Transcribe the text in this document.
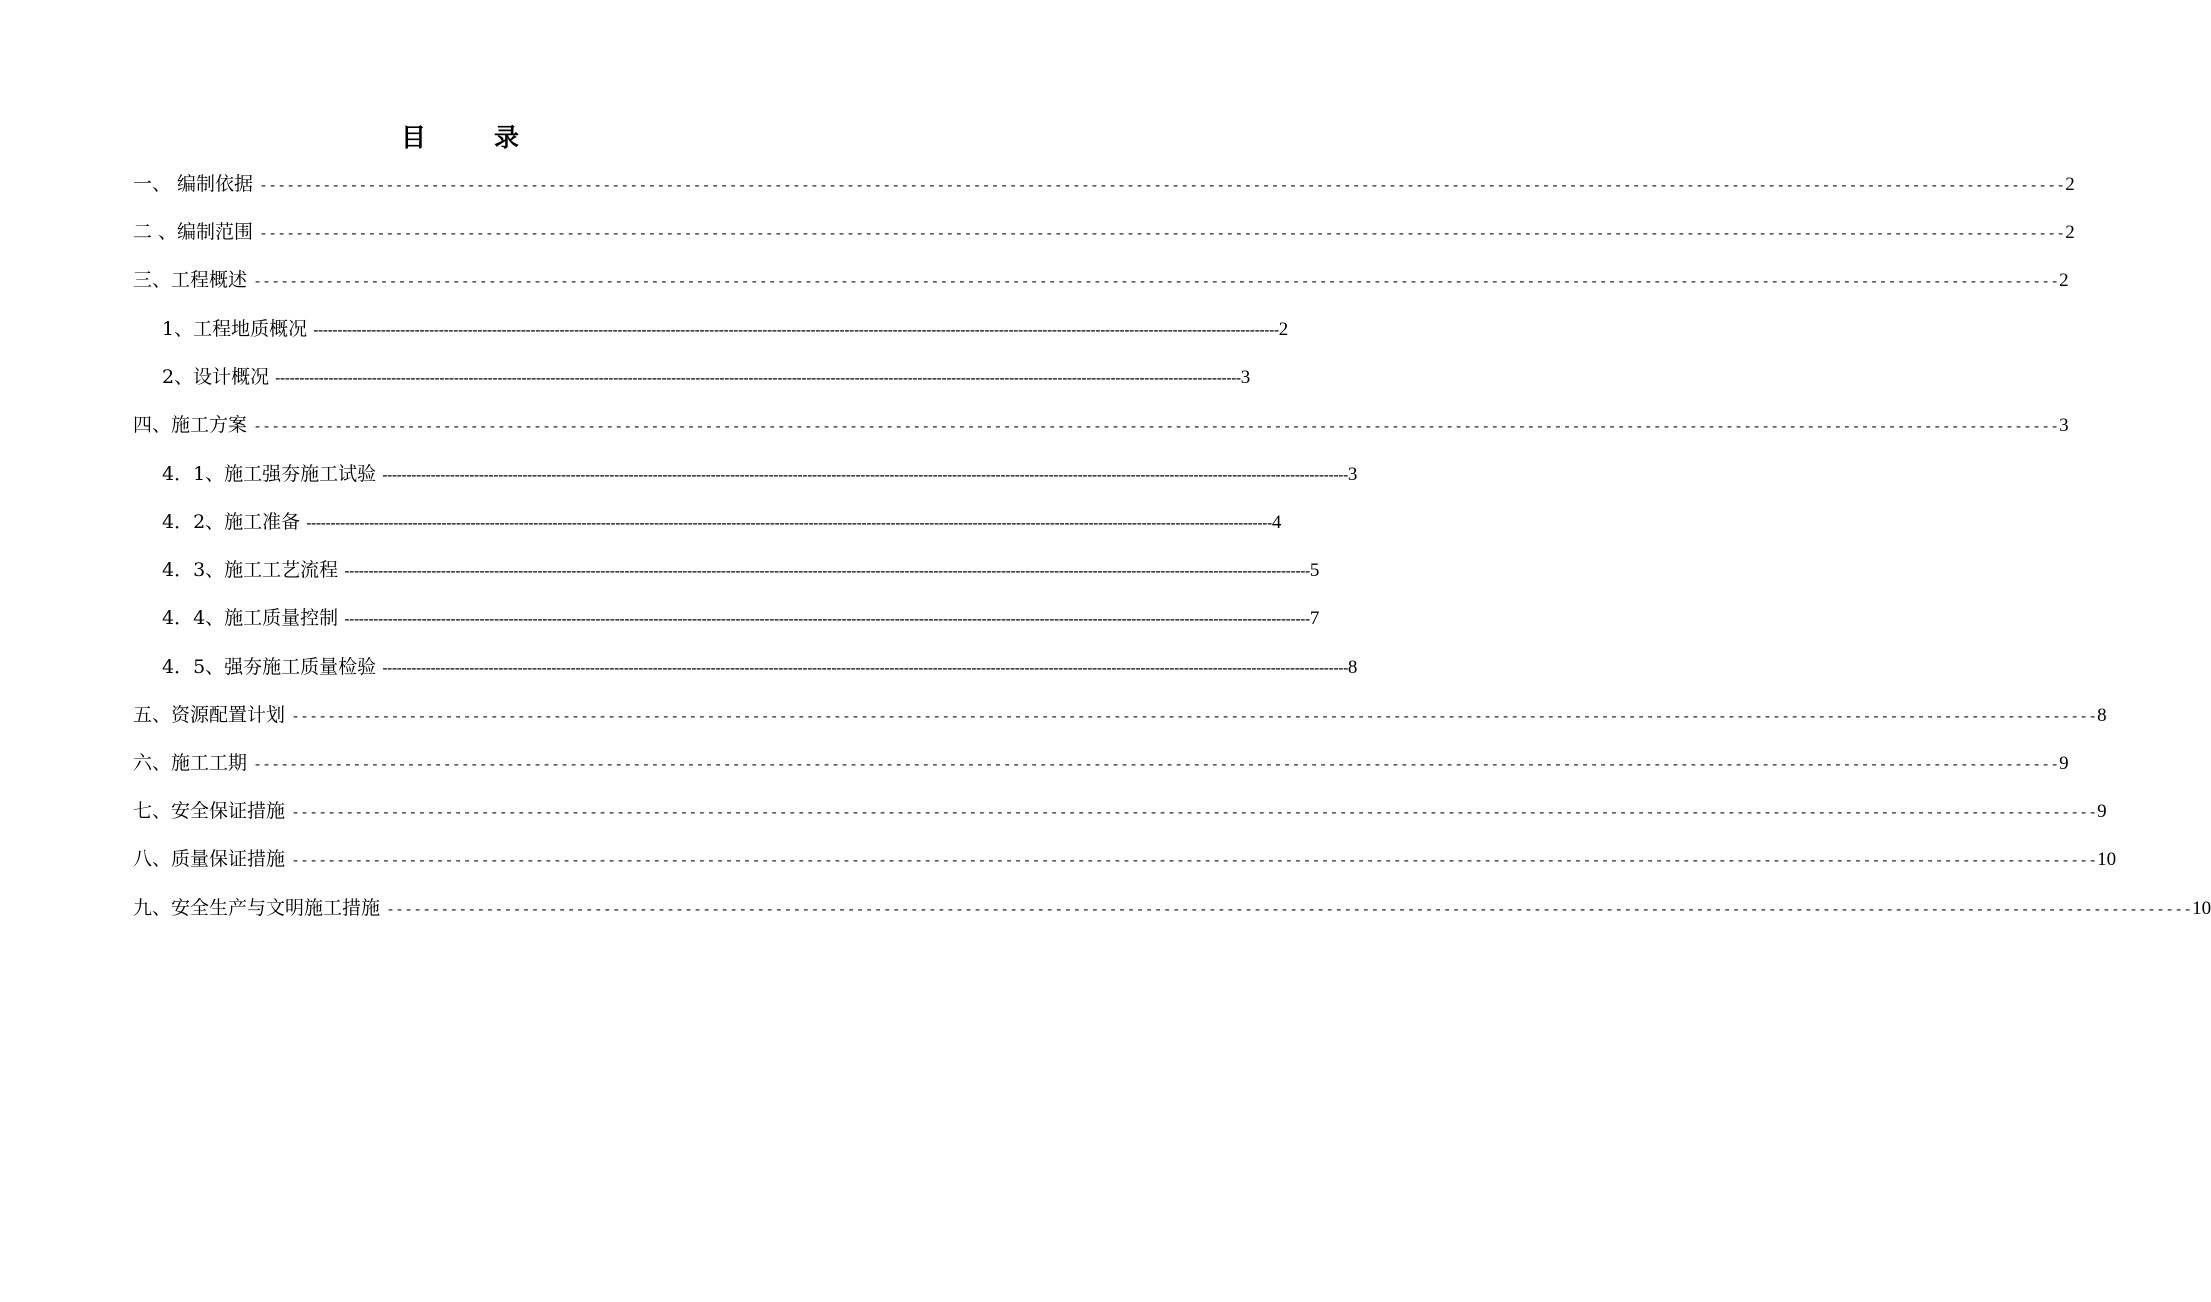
目	录
一、 编制依据 -------------------------------------------------------------------------------------------------------------------------------------------------------------------------------------------------------- 2
二 、编制范围 -------------------------------------------------------------------------------------------------------------------------------------------------------------------------------------------------------- 2
三、工程概述 -------------------------------------------------------------------------------------------------------------------------------------------------------------------------------------------------------- 2
1、工程地质概况 -------------------------------------------------------------------------------------------------------------------------------------------------------------------------------------------------------- 2
2、设计概况 -------------------------------------------------------------------------------------------------------------------------------------------------------------------------------------------------------- 3
四、施工方案 -------------------------------------------------------------------------------------------------------------------------------------------------------------------------------------------------------- 3
4．1、施工强夯施工试验 -------------------------------------------------------------------------------------------------------------------------------------------------------------------------------------------------------- 3
4．2、施工准备 -------------------------------------------------------------------------------------------------------------------------------------------------------------------------------------------------------- 4
4．3、施工工艺流程 -------------------------------------------------------------------------------------------------------------------------------------------------------------------------------------------------------- 5
4．4、施工质量控制 -------------------------------------------------------------------------------------------------------------------------------------------------------------------------------------------------------- 7
4．5、强夯施工质量检验 -------------------------------------------------------------------------------------------------------------------------------------------------------------------------------------------------------- 8
五、资源配置计划 -------------------------------------------------------------------------------------------------------------------------------------------------------------------------------------------------------- 8
六、施工工期 -------------------------------------------------------------------------------------------------------------------------------------------------------------------------------------------------------- 9
七、安全保证措施 -------------------------------------------------------------------------------------------------------------------------------------------------------------------------------------------------------- 9
八、质量保证措施 -------------------------------------------------------------------------------------------------------------------------------------------------------------------------------------------------------- 10
九、安全生产与文明施工措施 -------------------------------------------------------------------------------------------------------------------------------------------------------------------------------------------------------- 10
